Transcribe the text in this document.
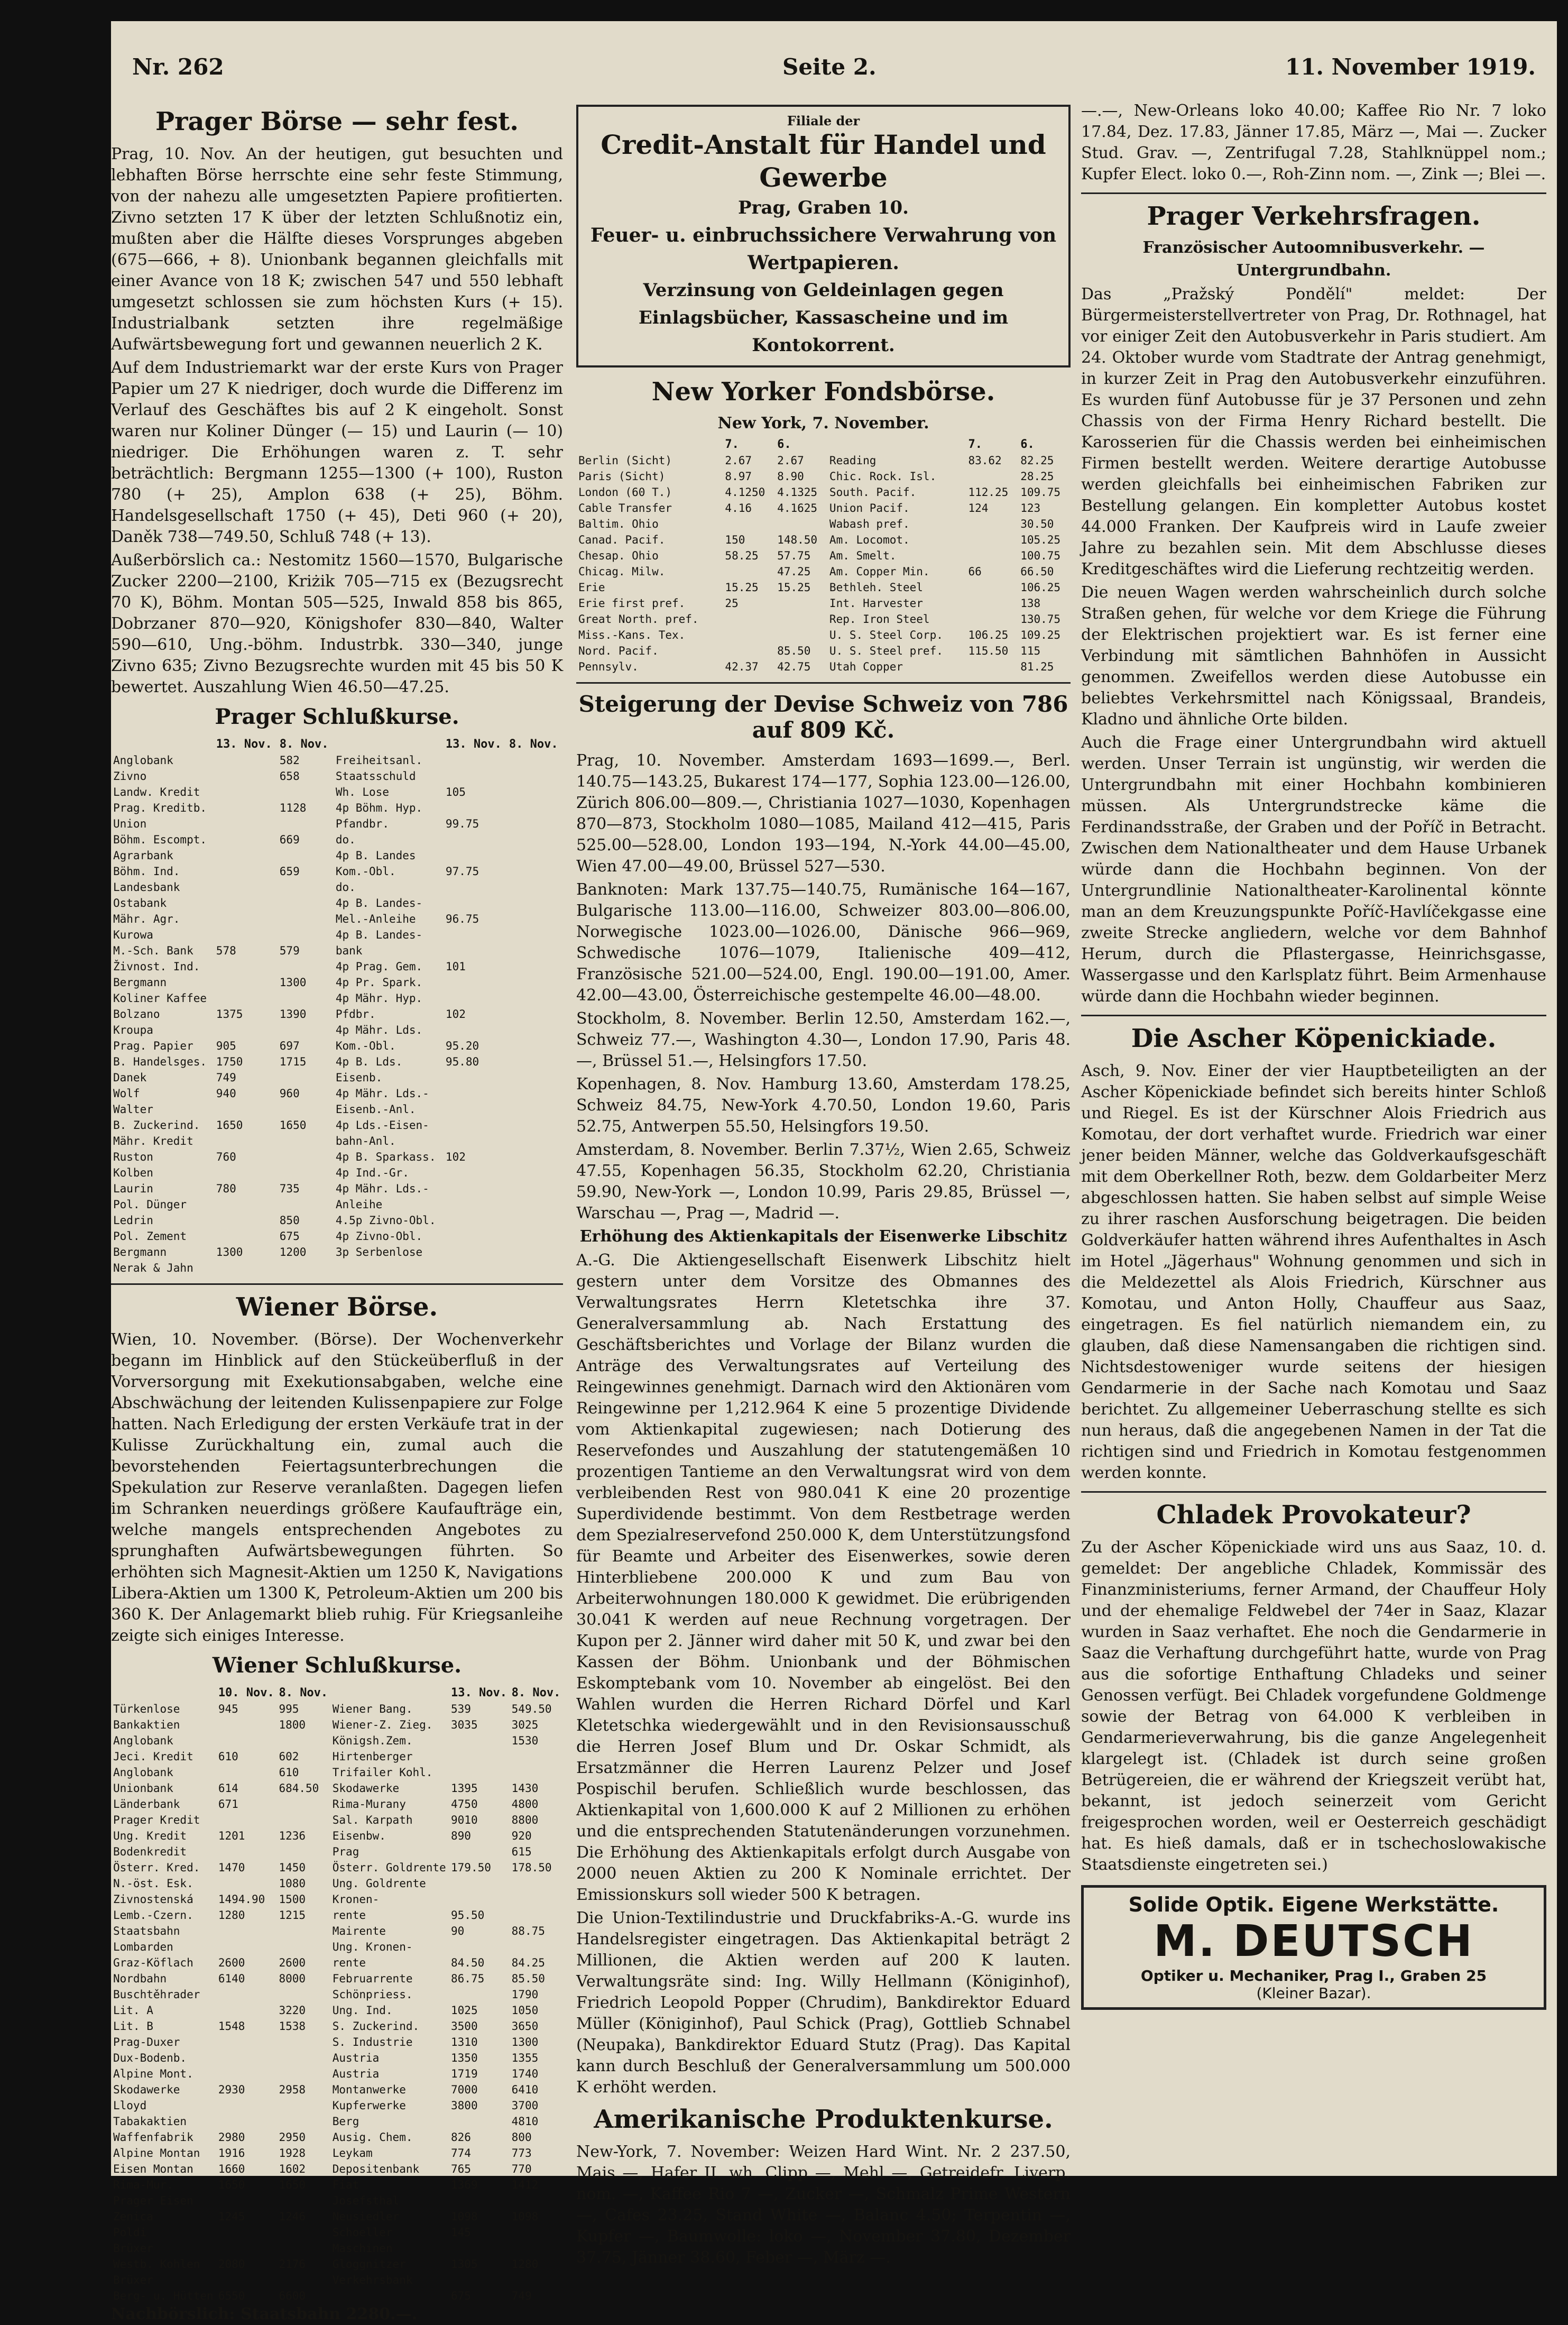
Nr. 262	Seite 2.	11. November 1919.
Prager Börse — sehr fest.

Prag, 10. Nov. An der heutigen, gut besuchten und lebhaften Börse herrschte eine sehr feste Stimmung, von der nahezu alle umgesetzten Papiere profitierten. Zivno setzten 17 K über der letzten Schlußnotiz ein, mußten aber die Hälfte dieses Vorsprunges abgeben (675—666, + 8). Unionbank begannen gleichfalls mit einer Avance von 18 K; zwischen 547 und 550 lebhaft umgesetzt schlossen sie zum höchsten Kurs (+ 15). Industrialbank setzten ihre regelmäßige Aufwärtsbewegung fort und gewannen neuerlich 2 K.

Auf dem Industriemarkt war der erste Kurs von Prager Papier um 27 K niedriger, doch wurde die Differenz im Verlauf des Geschäftes bis auf 2 K eingeholt. Sonst waren nur Koliner Dünger (— 15) und Laurin (— 10) niedriger. Die Erhöhungen waren z. T. sehr beträchtlich: Bergmann 1255—1300 (+ 100), Ruston 780 (+ 25), Amplon 638 (+ 25), Böhm. Handelsgesellschaft 1750 (+ 45), Deti 960 (+ 20), Daněk 738—749.50, Schluß 748 (+ 13).

Außerbörslich ca.: Nestomitz 1560—1570, Bulgarische Zucker 2200—2100, Kriżik 705—715 ex (Bezugsrecht 70 K), Böhm. Montan 505—525, Inwald 858 bis 865, Dobrzaner 870—920, Königshofer 830—840, Walter 590—610, Ung.-böhm. Industrbk. 330—340, junge Zivno 635; Zivno Bezugsrechte wurden mit 45 bis 50 K bewertet. Auszahlung Wien 46.50—47.25.

Prager Schlußkurse.
	13. Nov.	8. Nov.		13. Nov.	8. Nov.
Anglobank		582	Freiheitsanl.		
Zivno		658	Staatsschuld		
Landw. Kredit			Wh. Lose	105	
Prag. Kreditb.		1128	4p Böhm. Hyp.		
Union			Pfandbr.	99.75	
Böhm. Escompt.		669	do.		
Agrarbank			4p B. Landes		
Böhm. Ind.		659	Kom.-Obl.	97.75	
Landesbank			do.		
Ostabank			4p B. Landes-		
Mähr. Agr.			Mel.-Anleihe	96.75	
Kurowa			4p B. Landes-		
M.-Sch. Bank	578	579	bank		
Živnost. Ind.			4p Prag. Gem.	101	
Bergmann		1300	4p Pr. Spark.		
Koliner Kaffee			4p Mähr. Hyp.		
Bolzano	1375	1390	Pfdbr.	102	
Kroupa			4p Mähr. Lds.		
Prag. Papier	905	697	Kom.-Obl.	95.20	
B. Handelsges.	1750	1715	4p B. Lds.	95.80	
Danek	749		Eisenb.		
Wolf	940	960	4p Mähr. Lds.-		
Walter			Eisenb.-Anl.		
B. Zuckerind.	1650	1650	4p Lds.-Eisen-		
Mähr. Kredit			bahn-Anl.		
Ruston	760		4p B. Sparkass.	102	
Kolben			4p Ind.-Gr.		
Laurin	780	735	4p Mähr. Lds.-		
Pol. Dünger			Anleihe		
Ledrin		850	4.5p Zivno-Obl.		
Pol. Zement		675	4p Zivno-Obl.		
Bergmann	1300	1200	3p Serbenlose		
Nerak & Jahn					
Wiener Börse.

Wien, 10. November. (Börse). Der Wochenverkehr begann im Hinblick auf den Stückeüberfluß in der Vorversorgung mit Exekutionsabgaben, welche eine Abschwächung der leitenden Kulissenpapiere zur Folge hatten. Nach Erledigung der ersten Verkäufe trat in der Kulisse Zurückhaltung ein, zumal auch die bevorstehenden Feiertagsunterbrechungen die Spekulation zur Reserve veranlaßten. Dagegen liefen im Schranken neuerdings größere Kaufaufträge ein, welche mangels entsprechenden Angebotes zu sprunghaften Aufwärtsbewegungen führten. So erhöhten sich Magnesit-Aktien um 1250 K, Navigations Libera-Aktien um 1300 K, Petroleum-Aktien um 200 bis 360 K. Der Anlagemarkt blieb ruhig. Für Kriegsanleihe zeigte sich einiges Interesse.

Wiener Schlußkurse.
	10. Nov.	8. Nov.		13. Nov.	8. Nov.
Türkenlose	945	995	Wiener Bang.	539	549.50
Bankaktien		1800	Wiener-Z. Zieg.	3035	3025
Anglobank			Königsh.Zem.		1530
Jeci. Kredit	610	602	Hirtenberger		
Anglobank		610	Trifailer Kohl.		
Unionbank	614	684.50	Skodawerke	1395	1430
Länderbank	671		Rima-Murany	4750	4800
Prager Kredit			Sal. Karpath	9010	8800
Ung. Kredit	1201	1236	Eisenbw.	890	920
Bodenkredit			Prag		615
Österr. Kred.	1470	1450	Österr. Goldrente	179.50	178.50
N.-öst. Esk.		1080	Ung. Goldrente		
Zivnostenská	1494.90	1500	Kronen-		
Lemb.-Czern.	1280	1215	rente	95.50	
Staatsbahn			Mairente	90	88.75
Lombarden			Ung. Kronen-		
Graz-Köflach	2600	2600	rente	84.50	84.25
Nordbahn	6140	8000	Februarrente	86.75	85.50
Buschtěhrader			Schönpriess.		1790
Lit. A		3220	Ung. Ind.	1025	1050
Lit. B	1548	1538	S. Zuckerind.	3500	3650
Prag-Duxer			S. Industrie	1310	1300
Dux-Bodenb.			Austria	1350	1355
Alpine Mont.			Austria	1719	1740
Skodawerke	2930	2958	Montanwerke	7000	6410
Lloyd			Kupferwerke	3800	3700
Tabakaktien			Berg		4810
Waffenfabrik	2980	2950	Ausig. Chem.	826	800
Alpine Montan	1916	1928	Leykam	774	773
Eisen Montan	1660	1602	Depositenbank	765	770
Rima-Mur.	1650	1650	Fiat	1369	1412
Prager Eisen			Josefsthal		
Zenica	1245	1246	Neusiedler	1098	1098
Poldi			Schoeller	145	
Brüxer			Maschinen		
Westb. Kohlen	2080	2176	Gloggnitzer	1305	1280
Brüxer			Verkehrsbank		
Berg- u. Hütten	6550	6600		675	749

Nachbörslich: Staatsbahn 2280.—.

Filiale der
Credit-Anstalt für Handel und Gewerbe
Prag, Graben 10.
Feuer- u. einbruchssichere Verwahrung von Wertpapieren.
Verzinsung von Geldeinlagen gegen Einlagsbücher, Kassascheine und im Kontokorrent.
New Yorker Fondsbörse.
New York, 7. November.
	7.	6.		7.	6.
Berlin (Sicht)	2.67	2.67	Reading	83.62	82.25
Paris (Sicht)	8.97	8.90	Chic. Rock. Isl.		28.25
London (60 T.)	4.1250	4.1325	South. Pacif.	112.25	109.75
Cable Transfer	4.16	4.1625	Union Pacif.	124	123
Baltim. Ohio			Wabash pref.		30.50
Canad. Pacif.	150	148.50	Am. Locomot.		105.25
Chesap. Ohio	58.25	57.75	Am. Smelt.		100.75
Chicag. Milw.		47.25	Am. Copper Min.	66	66.50
Erie	15.25	15.25	Bethleh. Steel		106.25
Erie first pref.	25		Int. Harvester		138
Great North. pref.			Rep. Iron Steel		130.75
Miss.-Kans. Tex.			U. S. Steel Corp.	106.25	109.25
Nord. Pacif.		85.50	U. S. Steel pref.	115.50	115
Pennsylv.	42.37	42.75	Utah Copper		81.25
Steigerung der Devise Schweiz von 786 auf 809 Kč.

Prag, 10. November. Amsterdam 1693—1699.—, Berl. 140.75—143.25, Bukarest 174—177, Sophia 123.00—126.00, Zürich 806.00—809.—, Christiania 1027—1030, Kopenhagen 870—873, Stockholm 1080—1085, Mailand 412—415, Paris 525.00—528.00, London 193—194, N.-York 44.00—45.00, Wien 47.00—49.00, Brüssel 527—530.

Banknoten: Mark 137.75—140.75, Rumänische 164—167, Bulgarische 113.00—116.00, Schweizer 803.00—806.00, Norwegische 1023.00—1026.00, Dänische 966—969, Schwedische 1076—1079, Italienische 409—412, Französische 521.00—524.00, Engl. 190.00—191.00, Amer. 42.00—43.00, Österreichische gestempelte 46.00—48.00.

Stockholm, 8. November. Berlin 12.50, Amsterdam 162.—, Schweiz 77.—, Washington 4.30—, London 17.90, Paris 48.—, Brüssel 51.—, Helsingfors 17.50.

Kopenhagen, 8. Nov. Hamburg 13.60, Amsterdam 178.25, Schweiz 84.75, New-York 4.70.50, London 19.60, Paris 52.75, Antwerpen 55.50, Helsingfors 19.50.

Amsterdam, 8. November. Berlin 7.37½, Wien 2.65, Schweiz 47.55, Kopenhagen 56.35, Stockholm 62.20, Christiania 59.90, New-York —, London 10.99, Paris 29.85, Brüssel —, Warschau —, Prag —, Madrid —.

Erhöhung des Aktienkapitals der Eisenwerke Libschitz

A.-G. Die Aktiengesellschaft Eisenwerk Libschitz hielt gestern unter dem Vorsitze des Obmannes des Verwaltungsrates Herrn Kletetschka ihre 37. Generalversammlung ab. Nach Erstattung des Geschäftsberichtes und Vorlage der Bilanz wurden die Anträge des Verwaltungsrates auf Verteilung des Reingewinnes genehmigt. Darnach wird den Aktionären vom Reingewinne per 1,212.964 K eine 5 prozentige Dividende vom Aktienkapital zugewiesen; nach Dotierung des Reservefondes und Auszahlung der statutengemäßen 10 prozentigen Tantieme an den Verwaltungsrat wird von dem verbleibenden Rest von 980.041 K eine 20 prozentige Superdividende bestimmt. Von dem Restbetrage werden dem Spezialreservefond 250.000 K, dem Unterstützungsfond für Beamte und Arbeiter des Eisenwerkes, sowie deren Hinterbliebene 200.000 K und zum Bau von Arbeiterwohnungen 180.000 K gewidmet. Die erübrigenden 30.041 K werden auf neue Rechnung vorgetragen. Der Kupon per 2. Jänner wird daher mit 50 K, und zwar bei den Kassen der Böhm. Unionbank und der Böhmischen Eskomptebank vom 10. November ab eingelöst. Bei den Wahlen wurden die Herren Richard Dörfel und Karl Kletetschka wiedergewählt und in den Revisionsausschuß die Herren Josef Blum und Dr. Oskar Schmidt, als Ersatzmänner die Herren Laurenz Pelzer und Josef Pospischil berufen. Schließlich wurde beschlossen, das Aktienkapital von 1,600.000 K auf 2 Millionen zu erhöhen und die entsprechenden Statutenänderungen vorzunehmen. Die Erhöhung des Aktienkapitals erfolgt durch Ausgabe von 2000 neuen Aktien zu 200 K Nominale errichtet. Der Emissionskurs soll wieder 500 K betragen.

Die Union-Textilindustrie und Druckfabriks-A.-G. wurde ins Handelsregister eingetragen. Das Aktienkapital beträgt 2 Millionen, die Aktien werden auf 200 K lauten. Verwaltungsräte sind: Ing. Willy Hellmann (Königinhof), Friedrich Leopold Popper (Chrudim), Bankdirektor Eduard Müller (Königinhof), Paul Schick (Prag), Gottlieb Schnabel (Neupaka), Bankdirektor Eduard Stutz (Prag). Das Kapital kann durch Beschluß der Generalversammlung um 500.000 K erhöht werden.

Amerikanische Produktenkurse.

New-York, 7. November: Weizen Hard Wint. Nr. 2 237.50, Mais —, Hafer II. wh. Clipp —, Mehl —, Getreidefr. Liverp. nom. —, Kaffee Rio 7 —, Zucker —, Schmalz Prime Western —, Cafes 23.25, Stand White —, Balanc 4.50; Terpentin —, Kupfer —, Baumwolle: loko —, November 37.80, Dezember 37.75, Jänner 38.60, Feber —, März —.

—.—, New-Orleans loko 40.00; Kaffee Rio Nr. 7 loko 17.84, Dez. 17.83, Jänner 17.85, März —, Mai —. Zucker Stud. Grav. —, Zentrifugal 7.28, Stahlknüppel nom.; Kupfer Elect. loko 0.—, Roh-Zinn nom. —, Zink —; Blei —.

Prager Verkehrsfragen.
Französischer Autoomnibusverkehr. —
Untergrundbahn.

Das „Pražský Pondělí" meldet: Der Bürgermeisterstellvertreter von Prag, Dr. Rothnagel, hat vor einiger Zeit den Autobusverkehr in Paris studiert. Am 24. Oktober wurde vom Stadtrate der Antrag genehmigt, in kurzer Zeit in Prag den Autobusverkehr einzuführen. Es wurden fünf Autobusse für je 37 Personen und zehn Chassis von der Firma Henry Richard bestellt. Die Karosserien für die Chassis werden bei einheimischen Firmen bestellt werden. Weitere derartige Autobusse werden gleichfalls bei einheimischen Fabriken zur Bestellung gelangen. Ein kompletter Autobus kostet 44.000 Franken. Der Kaufpreis wird in Laufe zweier Jahre zu bezahlen sein. Mit dem Abschlusse dieses Kreditgeschäftes wird die Lieferung rechtzeitig werden.

Die neuen Wagen werden wahrscheinlich durch solche Straßen gehen, für welche vor dem Kriege die Führung der Elektrischen projektiert war. Es ist ferner eine Verbindung mit sämtlichen Bahnhöfen in Aussicht genommen. Zweifellos werden diese Autobusse ein beliebtes Verkehrsmittel nach Königssaal, Brandeis, Kladno und ähnliche Orte bilden.

Auch die Frage einer Untergrundbahn wird aktuell werden. Unser Terrain ist ungünstig, wir werden die Untergrundbahn mit einer Hochbahn kombinieren müssen. Als Untergrundstrecke käme die Ferdinandsstraße, der Graben und der Poříč in Betracht. Zwischen dem Nationaltheater und dem Hause Urbanek würde dann die Hochbahn beginnen. Von der Untergrundlinie Nationaltheater-Karolinental könnte man an dem Kreuzungspunkte Poříč-Havlíčekgasse eine zweite Strecke angliedern, welche vor dem Bahnhof Herum, durch die Pflastergasse, Heinrichsgasse, Wassergasse und den Karlsplatz führt. Beim Armenhause würde dann die Hochbahn wieder beginnen.

Die Ascher Köpenickiade.

Asch, 9. Nov. Einer der vier Hauptbeteiligten an der Ascher Köpenickiade befindet sich bereits hinter Schloß und Riegel. Es ist der Kürschner Alois Friedrich aus Komotau, der dort verhaftet wurde. Friedrich war einer jener beiden Männer, welche das Goldverkaufsgeschäft mit dem Oberkellner Roth, bezw. dem Goldarbeiter Merz abgeschlossen hatten. Sie haben selbst auf simple Weise zu ihrer raschen Ausforschung beigetragen. Die beiden Goldverkäufer hatten während ihres Aufenthaltes in Asch im Hotel „Jägerhaus" Wohnung genommen und sich in die Meldezettel als Alois Friedrich, Kürschner aus Komotau, und Anton Holly, Chauffeur aus Saaz, eingetragen. Es fiel natürlich niemandem ein, zu glauben, daß diese Namensangaben die richtigen sind. Nichtsdestoweniger wurde seitens der hiesigen Gendarmerie in der Sache nach Komotau und Saaz berichtet. Zu allgemeiner Ueberraschung stellte es sich nun heraus, daß die angegebenen Namen in der Tat die richtigen sind und Friedrich in Komotau festgenommen werden konnte.

Chladek Provokateur?

Zu der Ascher Köpenickiade wird uns aus Saaz, 10. d. gemeldet: Der angebliche Chladek, Kommissär des Finanzministeriums, ferner Armand, der Chauffeur Holy und der ehemalige Feldwebel der 74er in Saaz, Klazar wurden in Saaz verhaftet. Ehe noch die Gendarmerie in Saaz die Verhaftung durchgeführt hatte, wurde von Prag aus die sofortige Enthaftung Chladeks und seiner Genossen verfügt. Bei Chladek vorgefundene Goldmenge sowie der Betrag von 64.000 K verbleiben in Gendarmerieverwahrung, bis die ganze Angelegenheit klargelegt ist. (Chladek ist durch seine großen Betrügereien, die er während der Kriegszeit verübt hat, bekannt, ist jedoch seinerzeit vom Gericht freigesprochen worden, weil er Oesterreich geschädigt hat. Es hieß damals, daß er in tschechoslowakische Staatsdienste eingetreten sei.)

Solide Optik. Eigene Werkstätte.
M. DEUTSCH
Optiker u. Mechaniker, Prag I., Graben 25
(Kleiner Bazar).
